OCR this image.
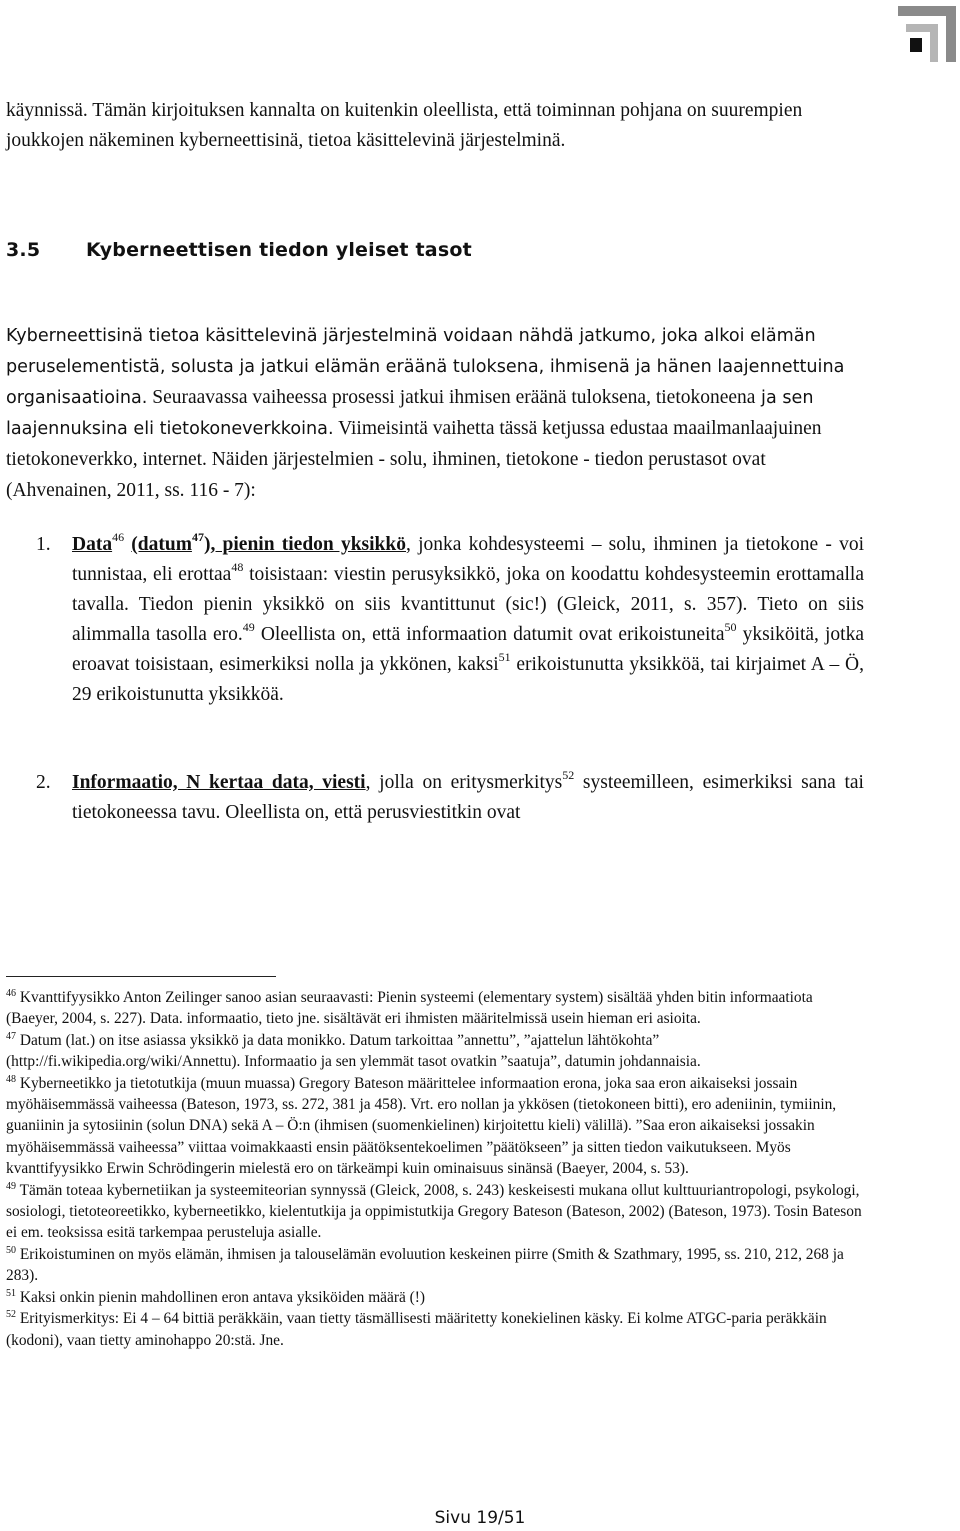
käynnissä. Tämän kirjoituksen kannalta on kuitenkin oleellista, että toiminnan pohjana on suurempien joukkojen näkeminen kyberneettisinä, tietoa käsittelevinä järjestelminä.
3.5 Kyberneettisen tiedon yleiset tasot
Kyberneettisinä tietoa käsittelevinä järjestelminä voidaan nähdä jatkumo, joka alkoi elämän peruselementistä, solusta ja jatkui elämän eräänä tuloksena, ihmisenä ja hänen laajennettuina organisaatioina. Seuraavassa vaiheessa prosessi jatkui ihmisen eräänä tuloksena, tietokoneena ja sen laajennuksina eli tietokoneverkkoina. Viimeisintä vaihetta tässä ketjussa edustaa maailmanlaajuinen tietokoneverkko, internet. Näiden järjestelmien - solu, ihminen, tietokone - tiedon perustasot ovat (Ahvenainen, 2011, ss. 116 - 7):
1. Data$^{46}$ (datum$^{47}$), pienin tiedon yksikkö, jonka kohdesysteemi – solu, ihminen ja tietokone - voi tunnistaa, eli erottaa$^{48}$ toisistaan: viestin perusyksikkö, joka on koodattu kohdesysteemin erottamalla tavalla. Tiedon pienin yksikkö on siis kvantittunut (sic!) (Gleick, 2011, s. 357). Tieto on siis alimmalla tasolla ero.$^{49}$ Oleellista on, että informaation datumit ovat erikoistuneita$^{50}$ yksiköitä, jotka eroavat toisistaan, esimerkiksi nolla ja ykkönen, kaksi$^{51}$ erikoistunutta yksikköä, tai kirjaimet A – Ö, 29 erikoistunutta yksikköä.
2. Informaatio, N kertaa data, viesti, jolla on eritysmerkitys$^{52}$ systeemilleen, esimerkiksi sana tai tietokoneessa tavu. Oleellista on, että perusviestitkin ovat

$^{46}$ Kvanttifyysikko Anton Zeilinger sanoo asian seuraavasti: Pienin systeemi (elementary system) sisältää yhden bitin informaatiota (Baeyer, 2004, s. 227). Data. informaatio, tieto jne. sisältävät eri ihmisten määritelmissä usein hieman eri asioita.

$^{47}$ Datum (lat.) on itse asiassa yksikkö ja data monikko. Datum tarkoittaa ”annettu”, ”ajattelun lähtökohta” (http://fi.wikipedia.org/wiki/Annettu). Informaatio ja sen ylemmät tasot ovatkin ”saatuja”, datumin johdannaisia.

$^{48}$ Kyberneetikko ja tietotutkija (muun muassa) Gregory Bateson määrittelee informaation erona, joka saa eron aikaiseksi jossain myöhäisemmässä vaiheessa (Bateson, 1973, ss. 272, 381 ja 458). Vrt. ero nollan ja ykkösen (tietokoneen bitti), ero adeniinin, tymiinin, guaniinin ja sytosiinin (solun DNA) sekä A – Ö:n (ihmisen (suomenkielinen) kirjoitettu kieli) välillä). ”Saa eron aikaiseksi jossakin myöhäisemmässä vaiheessa” viittaa voimakkaasti ensin päätöksentekoelimen ”päätökseen” ja sitten tiedon vaikutukseen. Myös kvanttifyysikko Erwin Schrödingerin mielestä ero on tärkeämpi kuin ominaisuus sinänsä (Baeyer, 2004, s. 53).

$^{49}$ Tämän toteaa kybernetiikan ja systeemiteorian synnyssä (Gleick, 2008, s. 243) keskeisesti mukana ollut kulttuuriantropologi, psykologi, sosiologi, tietoteoreetikko, kyberneetikko, kielentutkija ja oppimistutkija Gregory Bateson (Bateson, 2002) (Bateson, 1973). Tosin Bateson ei em. teoksissa esitä tarkempaa perusteluja asialle.

$^{50}$ Erikoistuminen on myös elämän, ihmisen ja talouselämän evoluution keskeinen piirre (Smith & Szathmary, 1995, ss. 210, 212, 268 ja 283).

$^{51}$ Kaksi onkin pienin mahdollinen eron antava yksiköiden määrä (!)

$^{52}$ Erityismerkitys: Ei 4 – 64 bittiä peräkkäin, vaan tietty täsmällisesti määritetty konekielinen käsky. Ei kolme ATGC-paria peräkkäin (kodoni), vaan tietty aminohappo 20:stä. Jne.

Sivu 19/51
